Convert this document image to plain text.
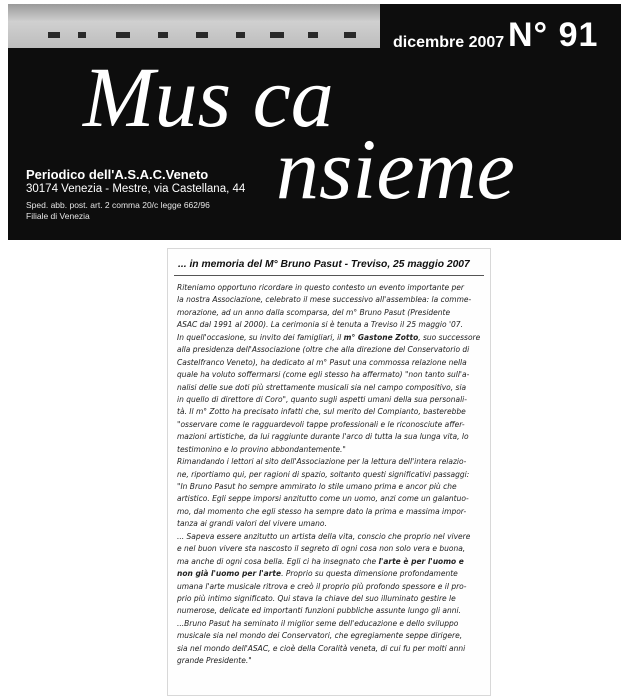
dicembre 2007 N° 91
Mus ca
nsieme
Periodico dell'A.S.A.C.Veneto
30174 Venezia - Mestre, via Castellana, 44
Sped. abb. post. art. 2 comma 20/c legge 662/96
Filiale di Venezia
... in memoria del M° Bruno Pasut - Treviso, 25 maggio 2007
Riteniamo opportuno ricordare in questo contesto un evento importante per
la nostra Associazione, celebrato il mese successivo all'assemblea: la comme-
morazione, ad un anno dalla scomparsa, del m° Bruno Pasut (Presidente
ASAC dal 1991 al 2000). La cerimonia si è tenuta a Treviso il 25 maggio '07.
In quell'occasione, su invito dei famigliari, il m° Gastone Zotto, suo successore
alla presidenza dell'Associazione (oltre che alla direzione del Conservatorio di
Castelfranco Veneto), ha dedicato al m° Pasut una commossa relazione nella
quale ha voluto soffermarsi (come egli stesso ha affermato) "non tanto sull'a-
nalisi delle sue doti più strettamente musicali sia nel campo compositivo, sia
in quello di direttore di Coro", quanto sugli aspetti umani della sua personali-
tà. Il m° Zotto ha precisato infatti che, sul merito del Compianto, basterebbe
"osservare come le ragguardevoli tappe professionali e le riconosciute affer-
mazioni artistiche, da lui raggiunte durante l'arco di tutta la sua lunga vita, lo
testimonino e lo provino abbondantemente."
Rimandando i lettori al sito dell'Associazione per la lettura dell'intera relazio-
ne, riportiamo qui, per ragioni di spazio, soltanto questi significativi passaggi:
"In Bruno Pasut ho sempre ammirato lo stile umano prima e ancor più che
artistico. Egli seppe imporsi anzitutto come un uomo, anzi come un galantuo-
mo, dal momento che egli stesso ha sempre dato la prima e massima impor-
tanza ai grandi valori del vivere umano.
... Sapeva essere anzitutto un artista della vita, conscio che proprio nel vivere
e nel buon vivere sta nascosto il segreto di ogni cosa non solo vera e buona,
ma anche di ogni cosa bella. Egli ci ha insegnato che l'arte è per l'uomo e
non già l'uomo per l'arte. Proprio su questa dimensione profondamente
umana l'arte musicale ritrova e creò il proprio più profondo spessore e il pro-
prio più intimo significato. Qui stava la chiave del suo illuminato gestire le
numerose, delicate ed importanti funzioni pubbliche assunte lungo gli anni.
...Bruno Pasut ha seminato il miglior seme dell'educazione e dello sviluppo
musicale sia nel mondo dei Conservatori, che egregiamente seppe dirigere,
sia nel mondo dell'ASAC, e cioè della Coralità veneta, di cui fu per molti anni
grande Presidente."
